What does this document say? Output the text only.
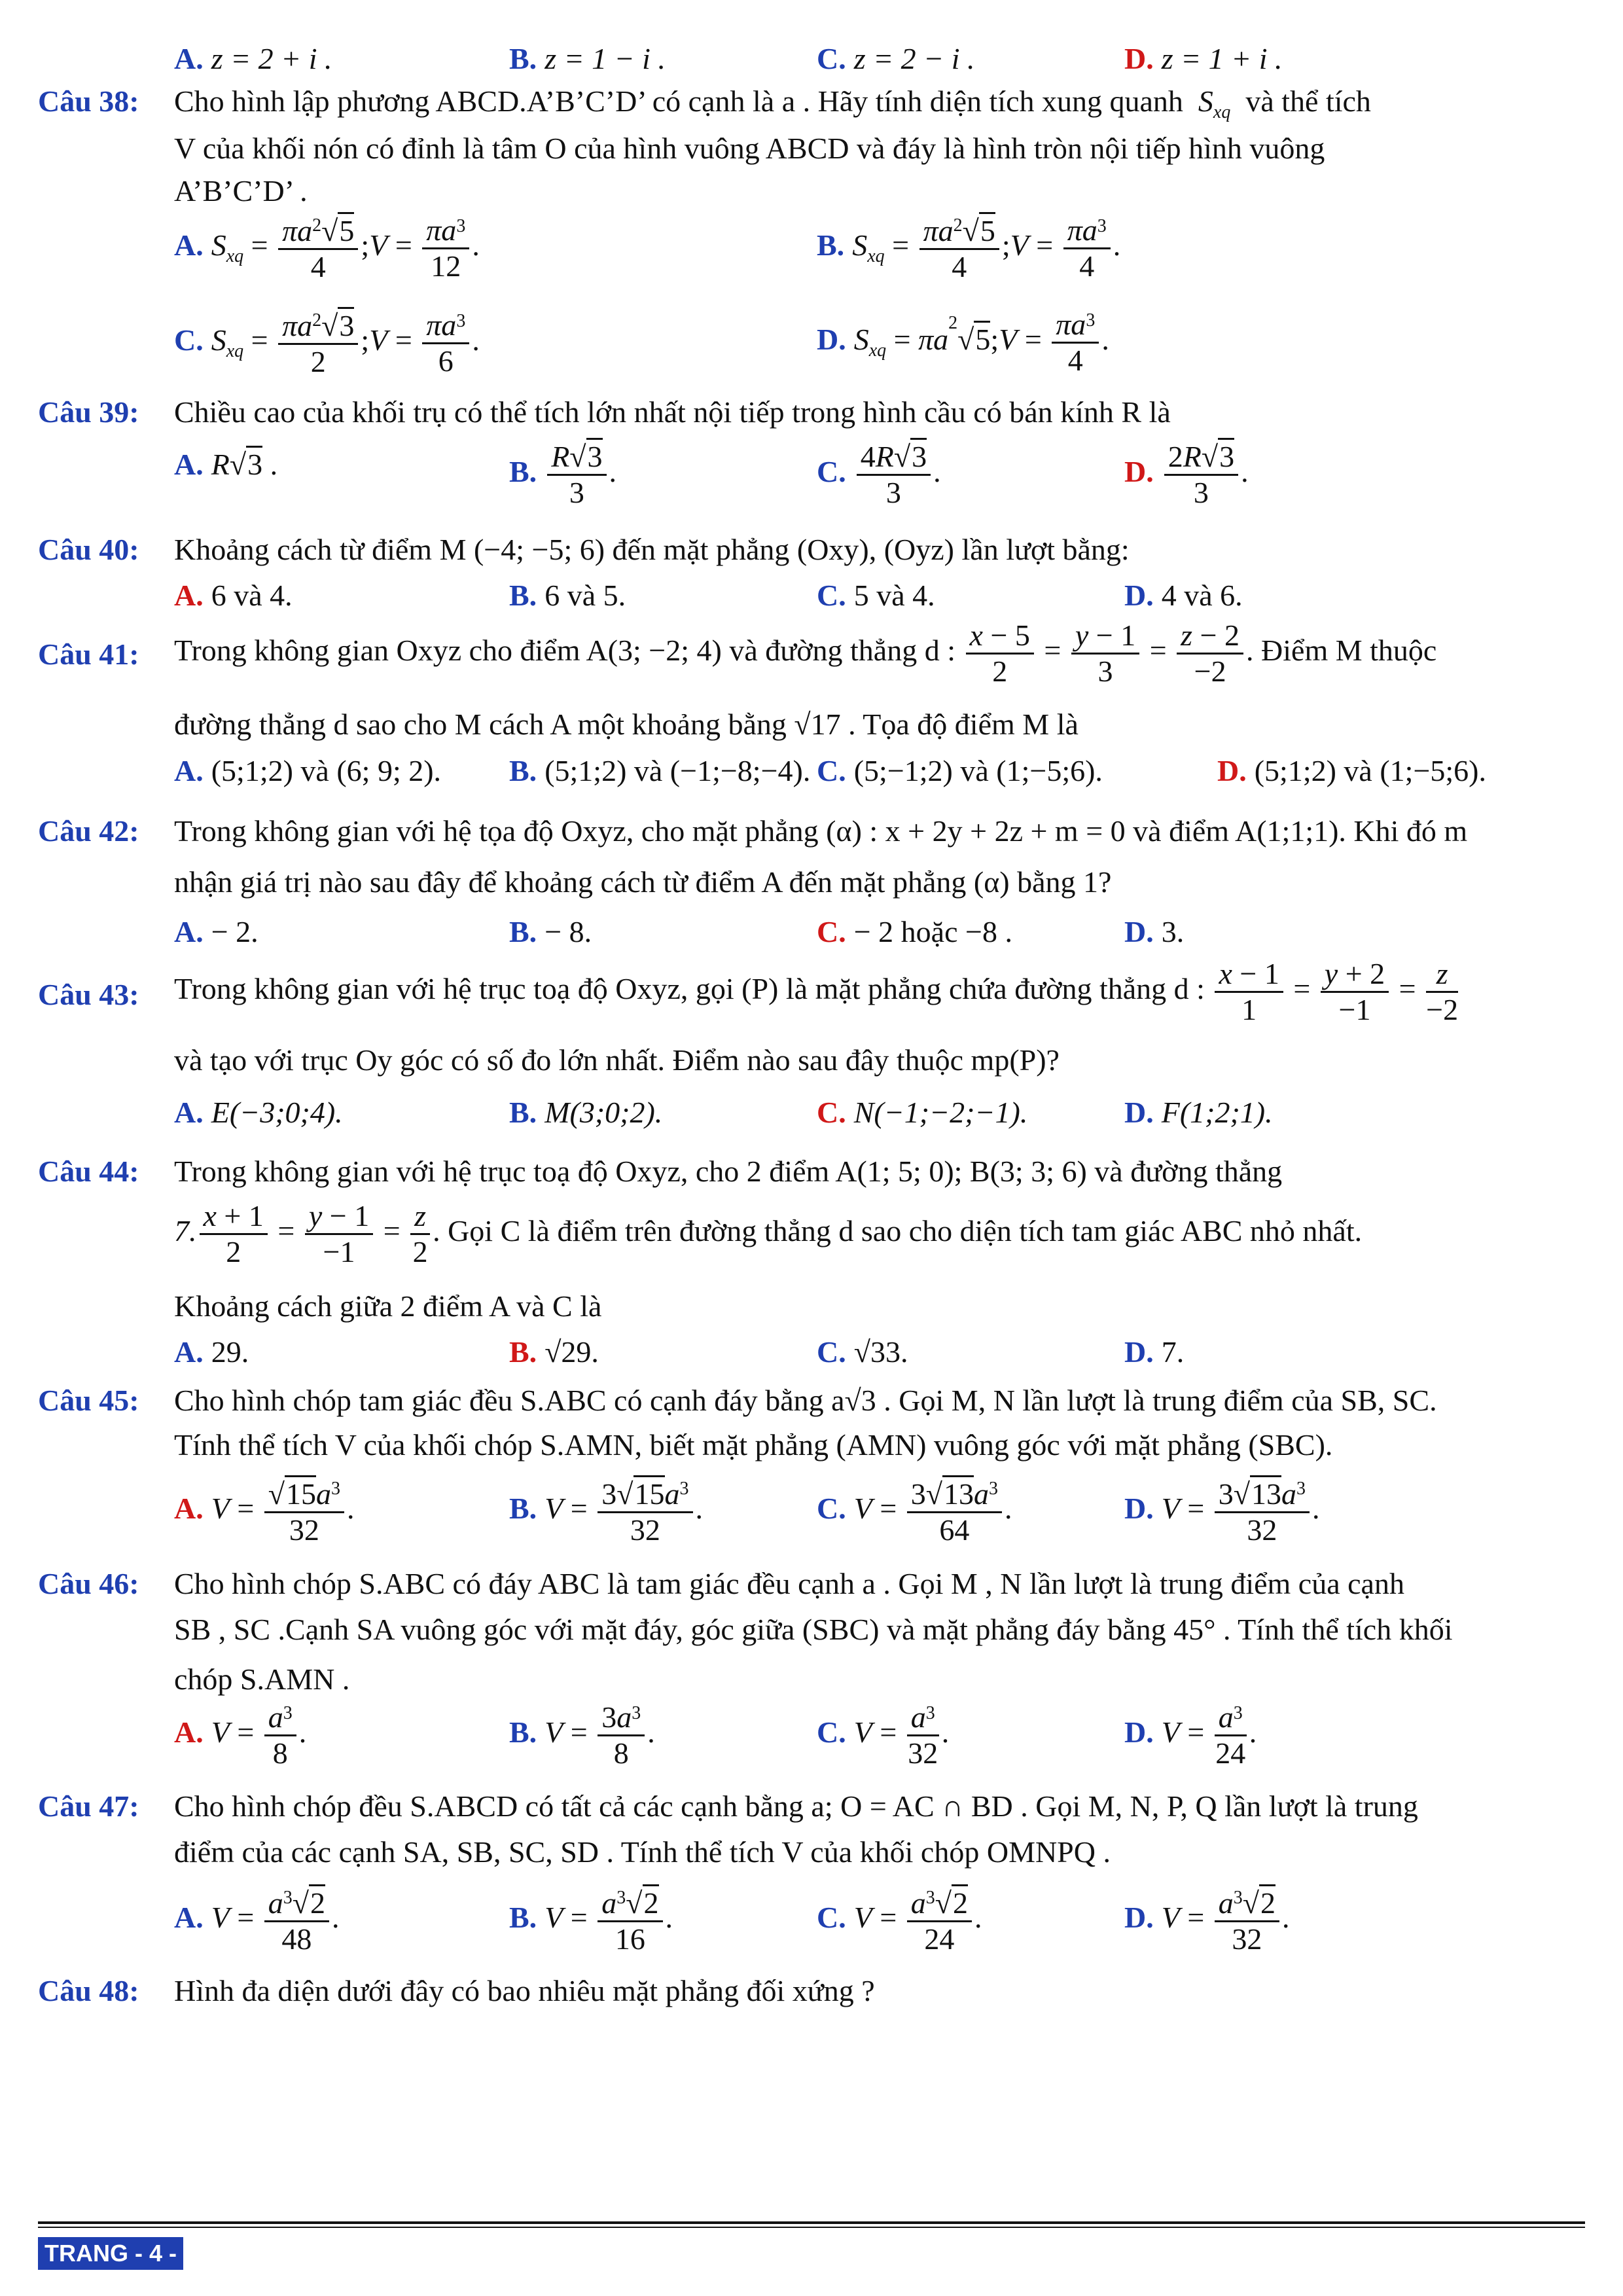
A. z = 2 + i .	B. z = 1 − i .	C. z = 2 − i .	D. z = 1 + i .
Câu 38: Cho hình lập phương ABCD.A’B’C’D’ có cạnh là a . Hãy tính diện tích xung quanh $S_{xq}$ và thể tích
V của khối nón có đỉnh là tâm O của hình vuông ABCD và đáy là hình tròn nội tiếp hình vuông
A’B’C’D’ .
A. $S_{xq} = \frac{\pi a^2√5}{4}$ ;V = $\frac{\pi a^3}{12}$ .	B. $S_{xq} = \frac{\pi a^2√5}{4}$ ;V = $\frac{\pi a^3}{4}$ .
C. $S_{xq} = \frac{\pi a^2√3}{2}$ ;V = $\frac{\pi a^3}{6}$ .	D. $S_{xq}$ = $\pi a^2√5;V = \frac{\pi a^3}{4}$ .
Câu 39: Chiều cao của khối trụ có thể tích lớn nhất nội tiếp trong hình cầu có bán kính R là
A. R√3 .	B. $\frac{R√3}{3}$ .	C. $\frac{4R√3}{3}$ .	D. $\frac{2R√3}{3}$ .
Câu 40: Khoảng cách từ điểm M (−4; −5; 6) đến mặt phẳng (Oxy), (Oyz) lần lượt bằng:
A. 6 và 4.	B. 6 và 5.	C. 5 và 4.	D. 4 và 6.
Câu 41: Trong không gian Oxyz cho điểm A(3; −2; 4) và đường thẳng d : $\frac{x - 5}{2} = \frac{y - 1}{3} = \frac{z - 2}{-2}$ . Điểm M thuộc
đường thẳng d sao cho M cách A một khoảng bằng √17 . Tọa độ điểm M là
A. (5;1;2) và (6; 9; 2). B. (5;1;2) và (−1;−8;−4). C. (5;−1;2) và (1;−5;6).	D. (5;1;2) và (1;−5;6).
Câu 42: Trong không gian với hệ tọa độ Oxyz, cho mặt phẳng (α) : x + 2y + 2z + m = 0 và điểm A(1;1;1). Khi đó m
nhận giá trị nào sau đây để khoảng cách từ điểm A đến mặt phẳng (α) bằng 1?
A. − 2.	B. − 8.	C. − 2 hoặc −8 .	D. 3.
Câu 43: Trong không gian với hệ trục toạ độ Oxyz, gọi (P) là mặt phẳng chứa đường thẳng d : $\frac{x - 1}{1} = \frac{y + 2}{-1} = \frac{z}{-2}$
và tạo với trục Oy góc có số đo lớn nhất. Điểm nào sau đây thuộc mp(P)?
A. E(−3;0;4).	B. M(3;0;2).	C. N(−1;−2;−1).	D. F(1;2;1).
Câu 44: Trong không gian với hệ trục toạ độ Oxyz, cho 2 điểm A(1; 5; 0); B(3; 3; 6) và đường thẳng
7. $\frac{x + 1}{2} = \frac{y - 1}{-1} = \frac{z}{2}$ . Gọi C là điểm trên đường thẳng d sao cho diện tích tam giác ABC nhỏ nhất.
Khoảng cách giữa 2 điểm A và C là
A. 29.	B. √29.	C. √33.	D. 7.
Câu 45: Cho hình chóp tam giác đều S.ABC có cạnh đáy bằng a√3 . Gọi M, N lần lượt là trung điểm của SB, SC.
Tính thể tích V của khối chóp S.AMN, biết mặt phẳng (AMN) vuông góc với mặt phẳng (SBC).
A. $V = \frac{√15a^3}{32}$ .	B. $V = \frac{3√15a^3}{32}$ .	C. $V = \frac{3√13a^3}{64}$ .	D. $V = \frac{3√13a^3}{32}$ .
Câu 46: Cho hình chóp S.ABC có đáy ABC là tam giác đều cạnh a . Gọi M , N lần lượt là trung điểm của cạnh
SB , SC .Cạnh SA vuông góc với mặt đáy, góc giữa (SBC) và mặt phẳng đáy bằng 45° . Tính thể tích khối
chóp S.AMN .
A. $V = \frac{a^3}{8}$ .	B. $V = \frac{3a^3}{8}$ .	C. $V = \frac{a^3}{32}$ .	D. $V = \frac{a^3}{24}$ .
Câu 47: Cho hình chóp đều S.ABCD có tất cả các cạnh bằng a; O = AC ∩ BD . Gọi M, N, P, Q lần lượt là trung
điểm của các cạnh SA, SB, SC, SD . Tính thể tích V của khối chóp OMNPQ .
A. $V = \frac{a^3√2}{48}$ .	B. $V = \frac{a^3√2}{16}$ .	C. $V = \frac{a^3√2}{24}$ .	D. $V = \frac{a^3√2}{32}$ .
Câu 48: Hình đa diện dưới đây có bao nhiêu mặt phẳng đối xứng ?
TRANG - 4 -
